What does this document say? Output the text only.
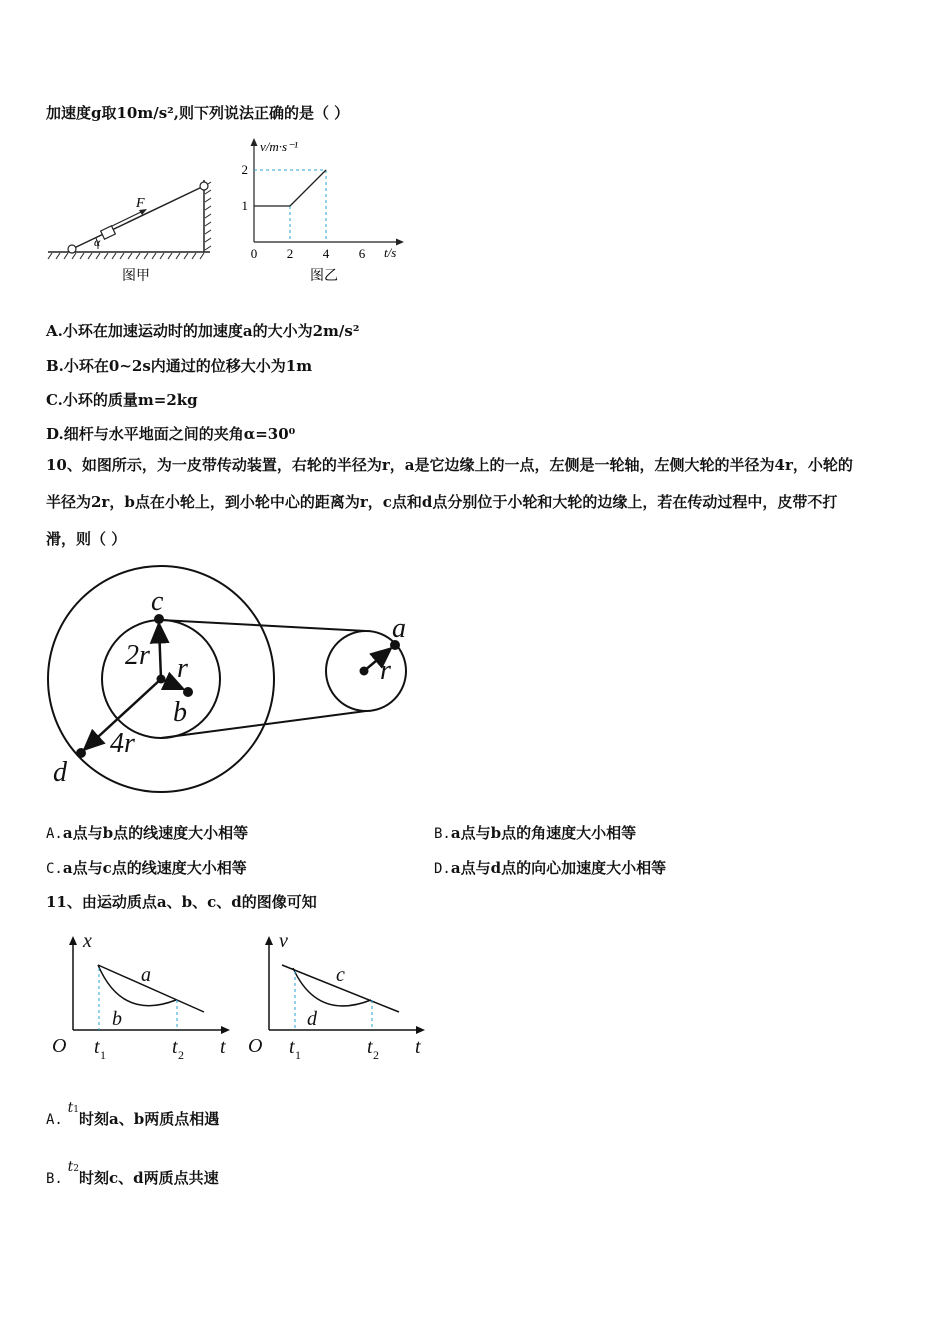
加速度g取10m/s²,则下列说法正确的是（ ）
α
F
图甲
v/m·s⁻¹
t/s
0 2 4 6
1
2
图乙
A.小环在加速运动时的加速度a的大小为2m/s²
B.小环在0~2s内通过的位移大小为1m
C.小环的质量m=2kg
D.细杆与水平地面之间的夹角α=30⁰
10、如图所示，为一皮带传动装置，右轮的半径为r，a是它边缘上的一点，左侧是一轮轴，左侧大轮的半径为4r，小轮的
半径为2r，b点在小轮上，到小轮中心的距离为r，c点和d点分别位于小轮和大轮的边缘上，若在传动过程中，皮带不打
滑，则（ ）
c
b
d
a
r	r
2r
4r
A.a点与b点的线速度大小相等	B.a点与b点的角速度大小相等
C.a点与c点的线速度大小相等	D.a点与d点的向心加速度大小相等
11、由运动质点a、b、c、d的图像可知
x
t
O
a
b
t	t
1	2
v
t
O
c
d
t	t
1	2
A. $t^1$时刻a、b两质点相遇
B. $t^2$时刻c、d两质点共速
